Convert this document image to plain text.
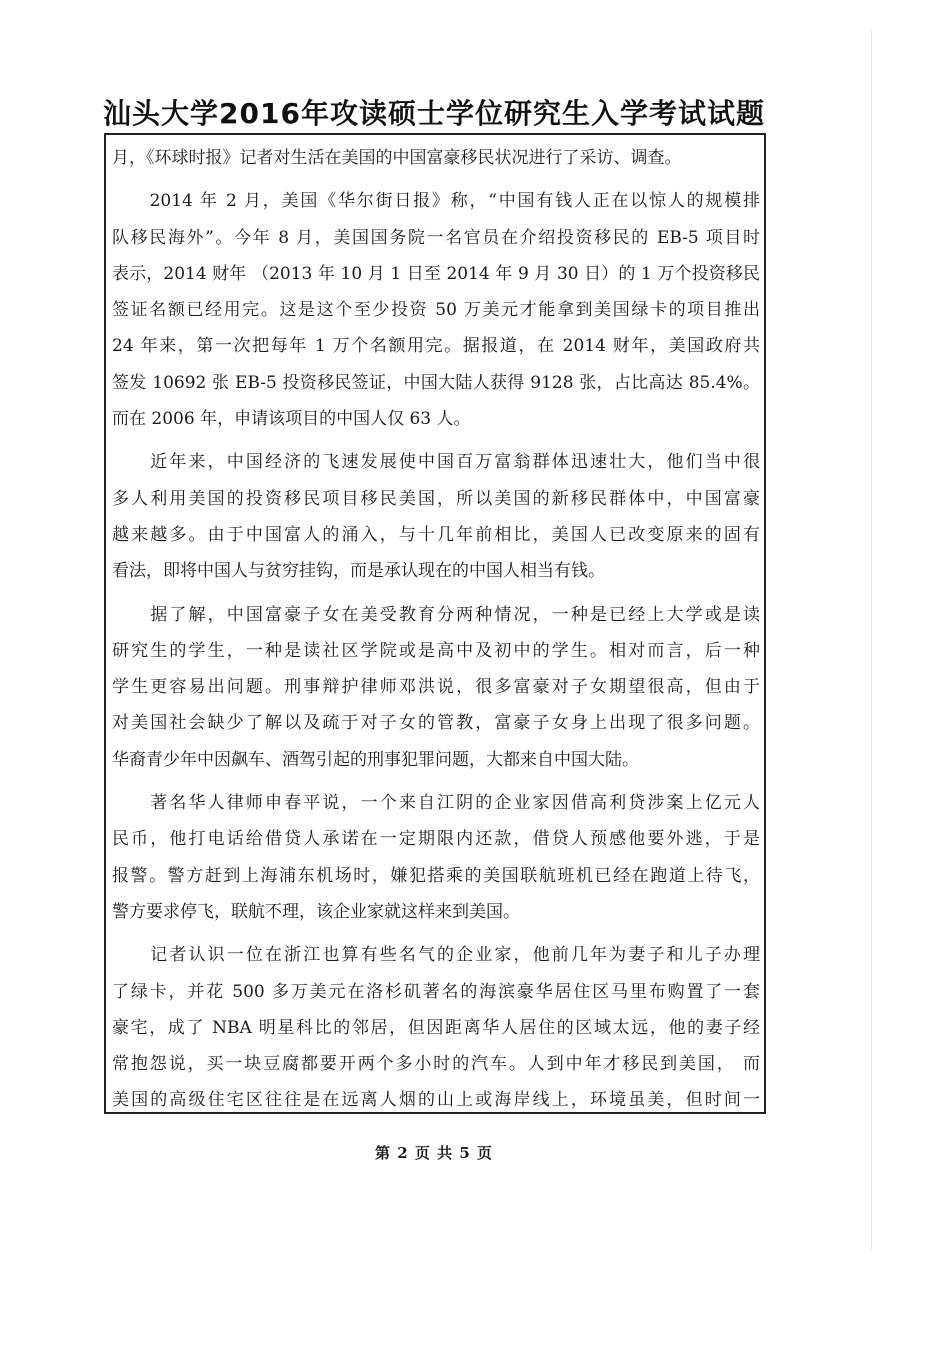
汕头大学2016年攻读硕士学位研究生入学考试试题
月，《环球时报》记者对生活在美国的中国富豪移民状况进行了采访、调查。
　　2014 年 2 月，美国《华尔街日报》称，“中国有钱人正在以惊人的规模排
队移民海外”。今年 8 月，美国国务院一名官员在介绍投资移民的 EB-5 项目时
表示，2014 财年 （2013 年 10 月 1 日至 2014 年 9 月 30 日）的 1 万个投资移民
签证名额已经用完。这是这个至少投资 50 万美元才能拿到美国绿卡的项目推出
24 年来，第一次把每年 1 万个名额用完。据报道，在 2014 财年，美国政府共
签发 10692 张 EB-5 投资移民签证，中国大陆人获得 9128 张，占比高达 85.4%。
而在 2006 年，申请该项目的中国人仅 63 人。
　　近年来，中国经济的飞速发展使中国百万富翁群体迅速壮大，他们当中很
多人利用美国的投资移民项目移民美国，所以美国的新移民群体中，中国富豪
越来越多。由于中国富人的涌入，与十几年前相比，美国人已改变原来的固有
看法，即将中国人与贫穷挂钩，而是承认现在的中国人相当有钱。
　　据了解，中国富豪子女在美受教育分两种情况，一种是已经上大学或是读
研究生的学生，一种是读社区学院或是高中及初中的学生。相对而言，后一种
学生更容易出问题。刑事辩护律师邓洪说，很多富豪对子女期望很高，但由于
对美国社会缺少了解以及疏于对子女的管教，富豪子女身上出现了很多问题。
华裔青少年中因飙车、酒驾引起的刑事犯罪问题，大都来自中国大陆。
　　著名华人律师申春平说，一个来自江阴的企业家因借高利贷涉案上亿元人
民币，他打电话给借贷人承诺在一定期限内还款，借贷人预感他要外逃，于是
报警。警方赶到上海浦东机场时，嫌犯搭乘的美国联航班机已经在跑道上待飞，
警方要求停飞，联航不理，该企业家就这样来到美国。
　　记者认识一位在浙江也算有些名气的企业家，他前几年为妻子和儿子办理
了绿卡，并花 500 多万美元在洛杉矶著名的海滨豪华居住区马里布购置了一套
豪宅，成了 NBA 明星科比的邻居，但因距离华人居住的区域太远，他的妻子经
常抱怨说，买一块豆腐都要开两个多小时的汽车。人到中年才移民到美国， 而
美国的高级住宅区往往是在远离人烟的山上或海岸线上，环境虽美，但时间一
第 2 页 共 5 页
